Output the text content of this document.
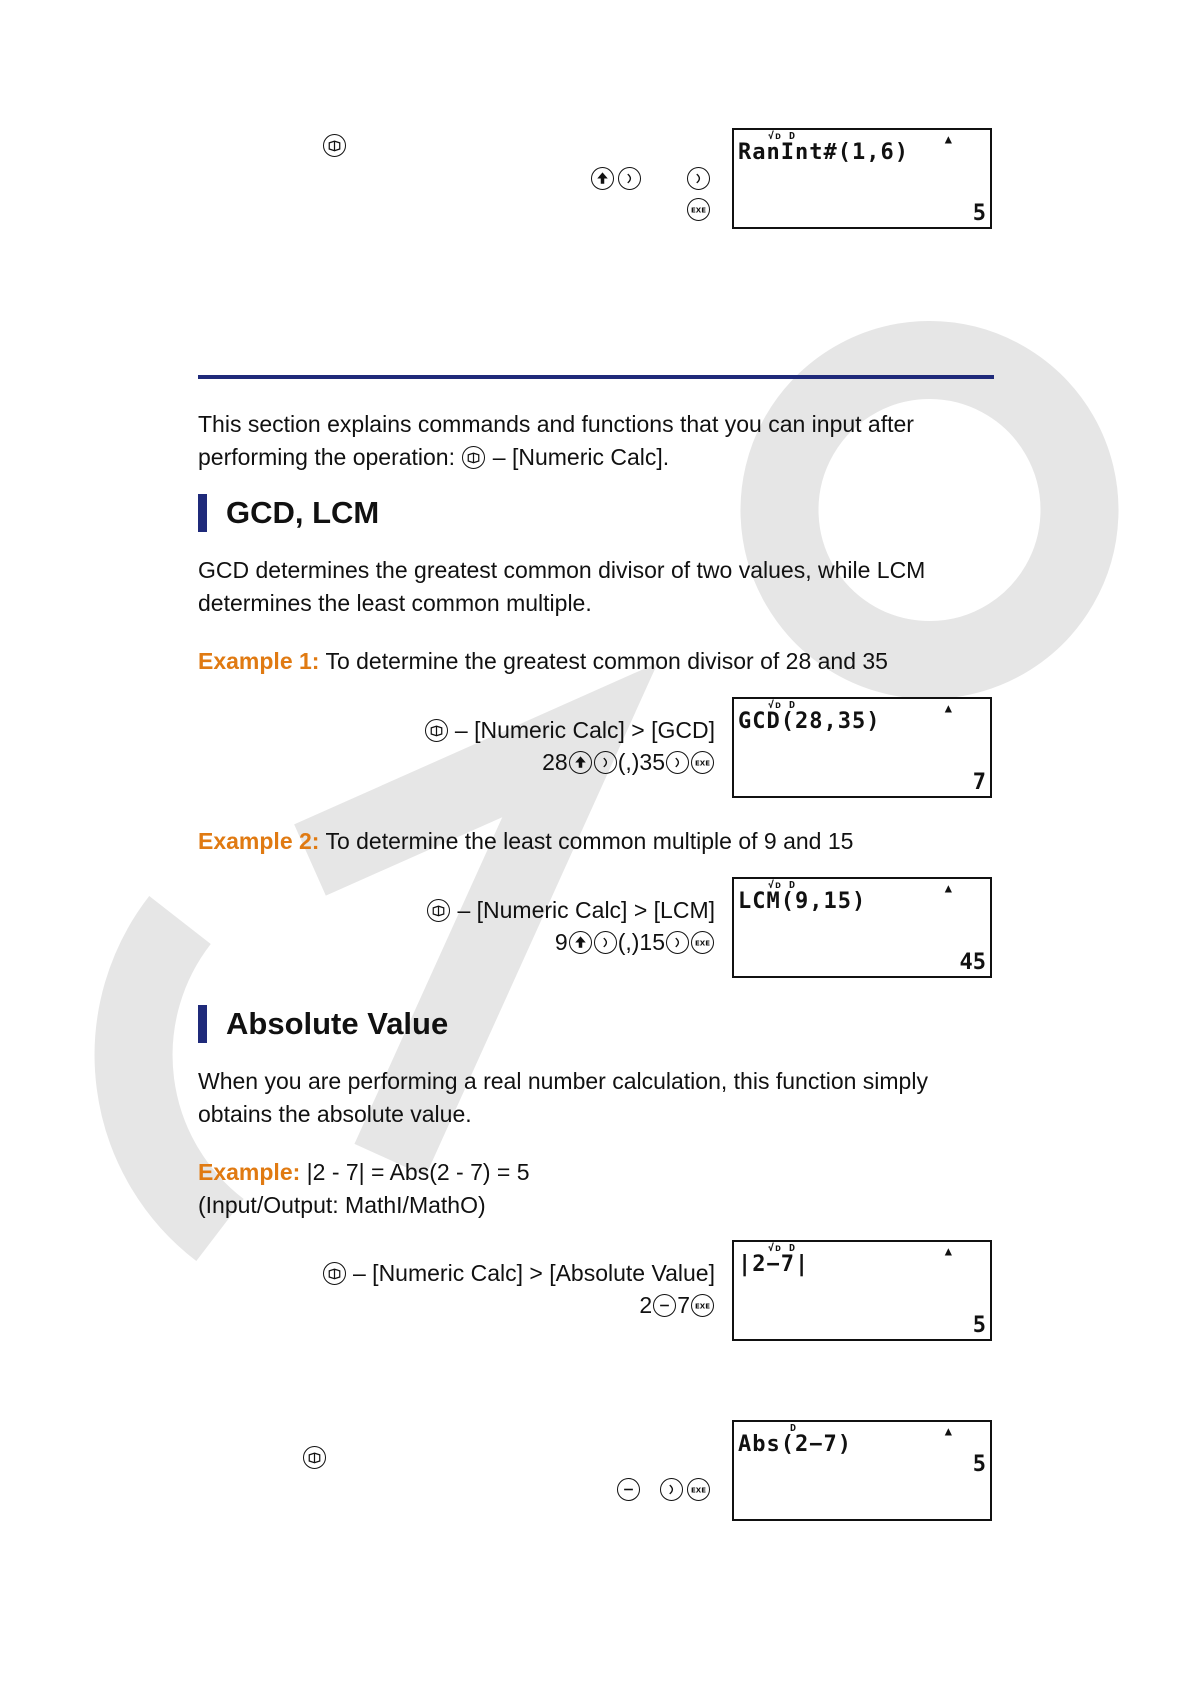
EXE
√ᴅ D	▲
RanInt#(1,6)
5
This section explains commands and functions that you can input after performing the operation: – [Numeric Calc].
GCD, LCM
GCD determines the greatest common divisor of two values, while LCM determines the least common multiple.
Example 1: To determine the greatest common divisor of 28 and 35
– [Numeric Calc] > [GCD]
28 (,)35	EXE
√ᴅ D	▲
GCD(28,35)
7
Example 2: To determine the least common multiple of 9 and 15
– [Numeric Calc] > [LCM]
9 (,)15	EXE
√ᴅ D	▲
LCM(9,15)
45
Absolute Value
When you are performing a real number calculation, this function simply obtains the absolute value.
Example: |2 - 7| = Abs(2 - 7) = 5
(Input/Output: MathI/MathO)
– [Numeric Calc] > [Absolute Value]
2 7 EXE
√ᴅ D	▲
|2−7|
5
EXE
D	▲
Abs(2−7)
5
